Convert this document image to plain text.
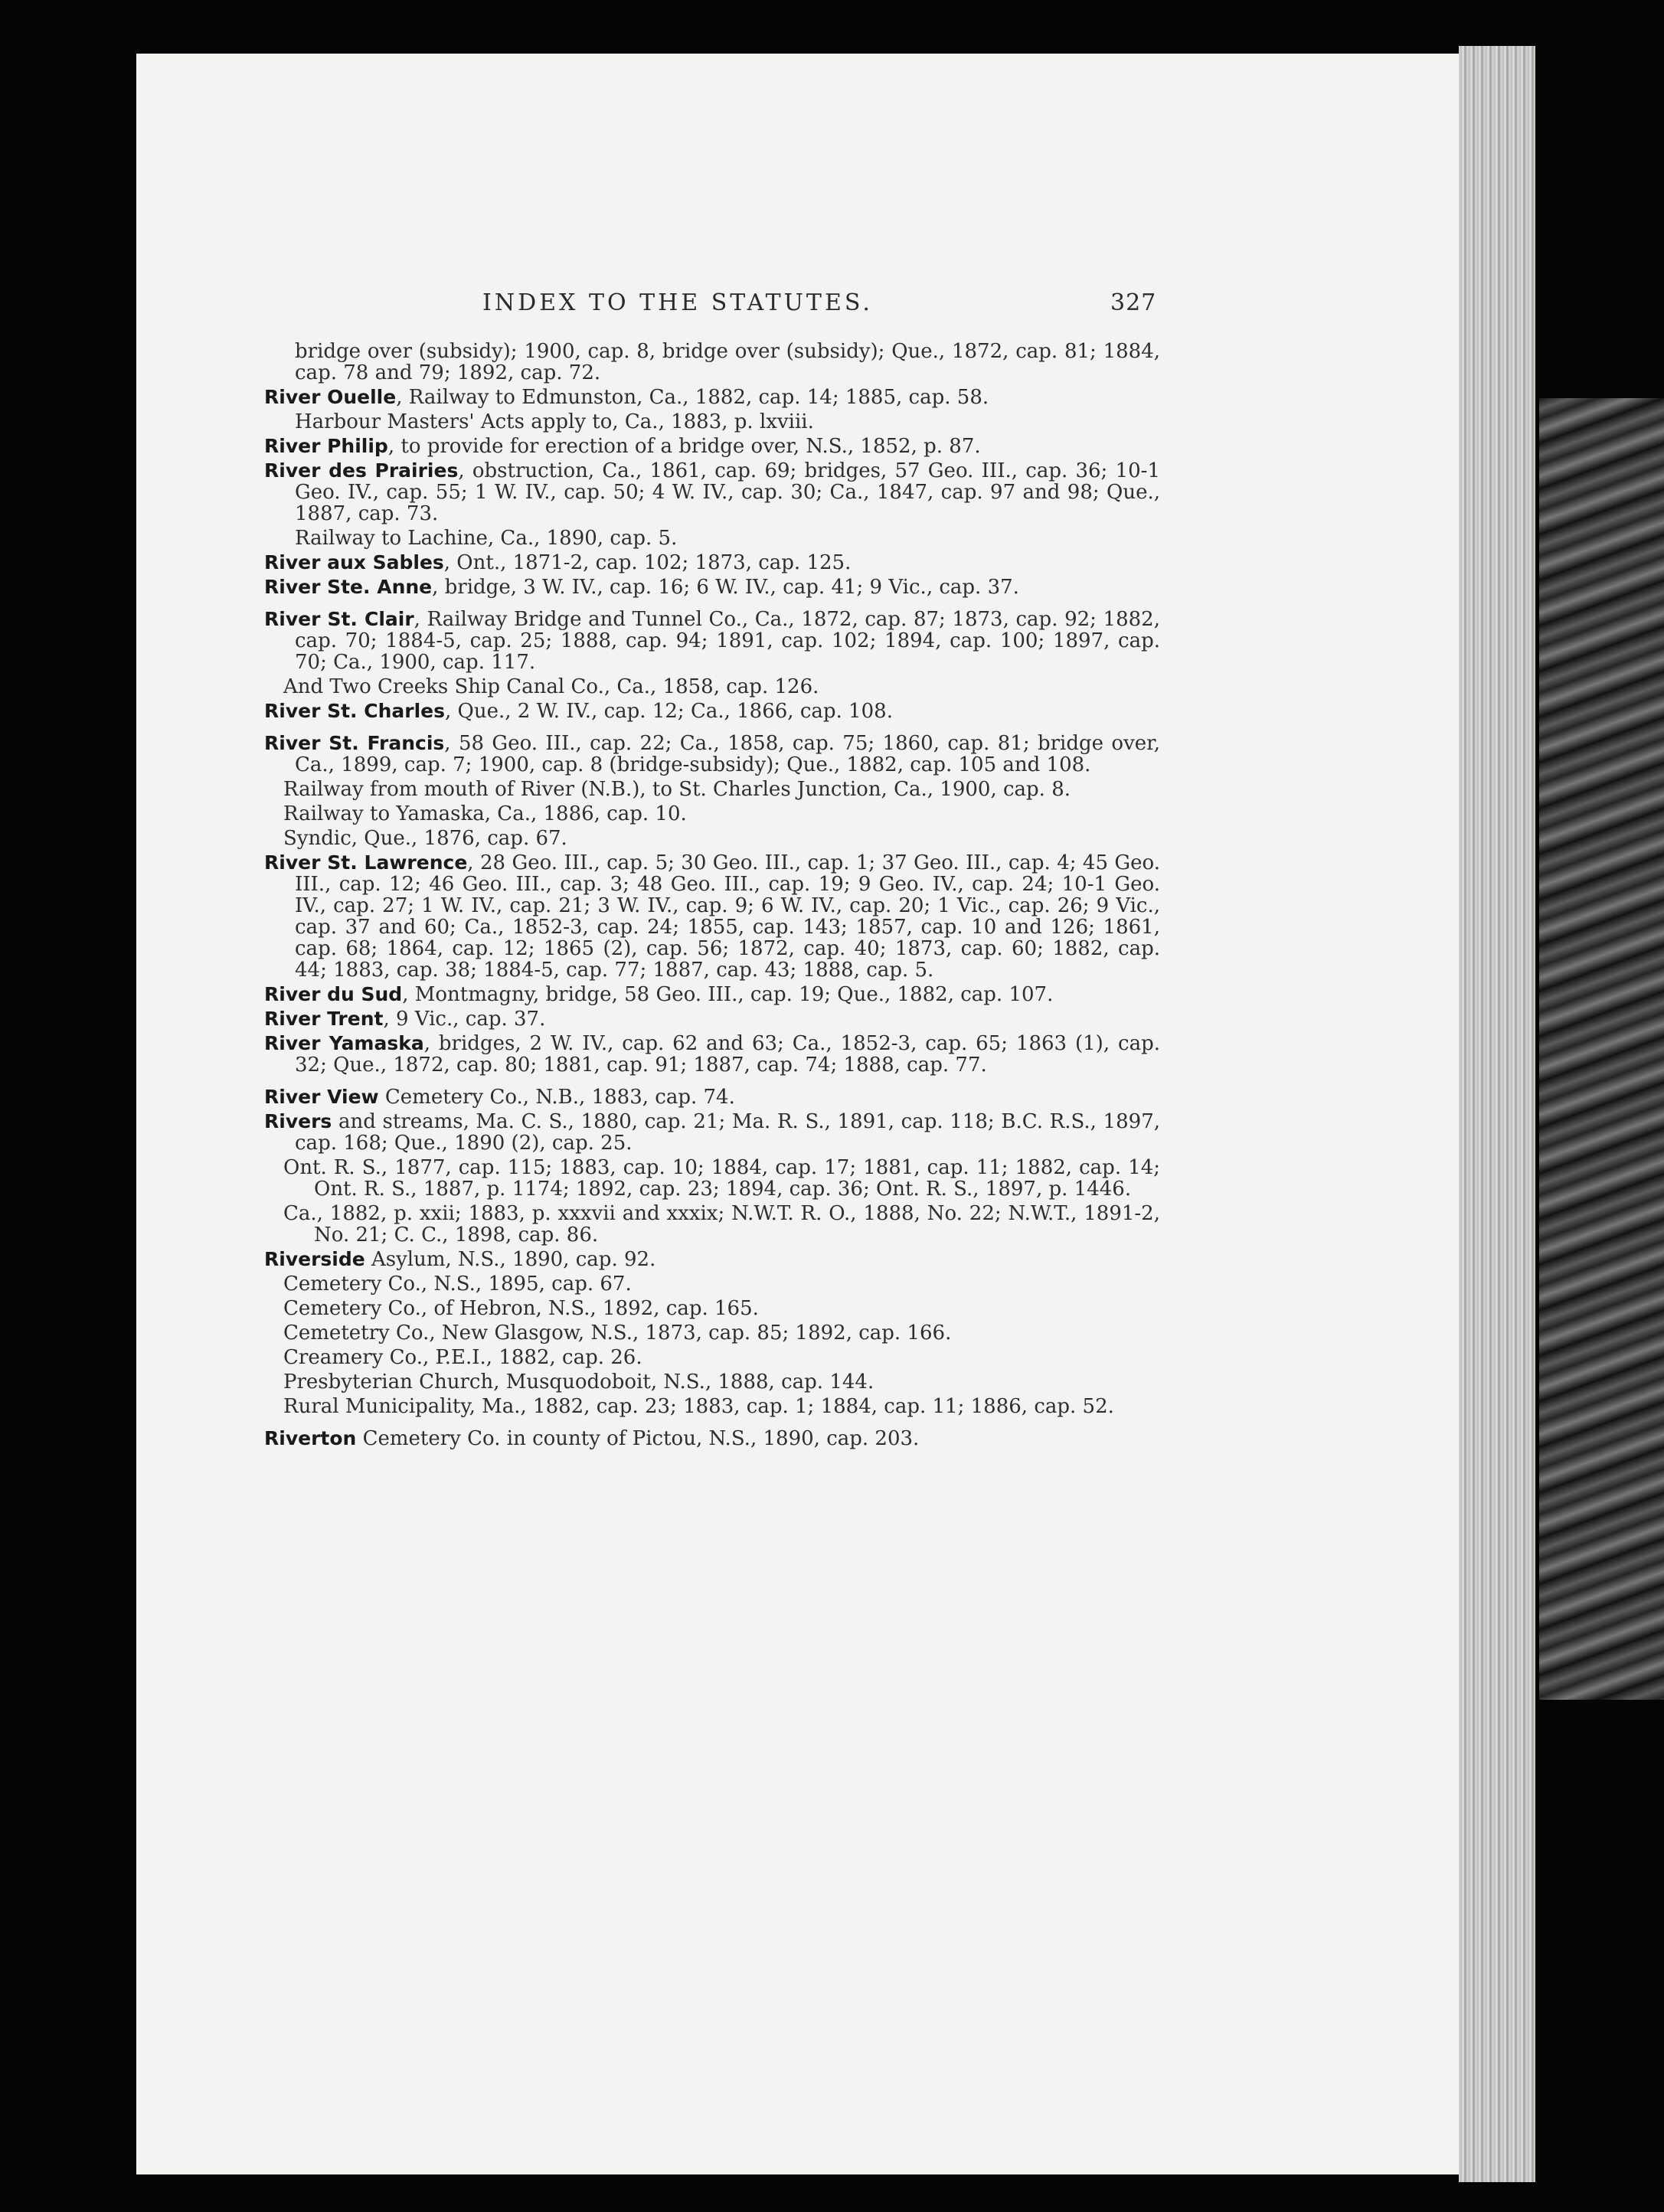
INDEX TO THE STATUTES.	327
bridge over (subsidy); 1900, cap. 8, bridge over (subsidy); Que., 1872, cap. 81; 1884, cap. 78 and 79; 1892, cap. 72.
River Ouelle, Railway to Edmunston, Ca., 1882, cap. 14; 1885, cap. 58.
Harbour Masters' Acts apply to, Ca., 1883, p. lxviii.
River Philip, to provide for erection of a bridge over, N.S., 1852, p. 87.
River des Prairies, obstruction, Ca., 1861, cap. 69; bridges, 57 Geo. III., cap. 36; 10-1 Geo. IV., cap. 55; 1 W. IV., cap. 50; 4 W. IV., cap. 30; Ca., 1847, cap. 97 and 98; Que., 1887, cap. 73.
Railway to Lachine, Ca., 1890, cap. 5.
River aux Sables, Ont., 1871-2, cap. 102; 1873, cap. 125.
River Ste. Anne, bridge, 3 W. IV., cap. 16; 6 W. IV., cap. 41; 9 Vic., cap. 37.
River St. Clair, Railway Bridge and Tunnel Co., Ca., 1872, cap. 87; 1873, cap. 92; 1882, cap. 70; 1884-5, cap. 25; 1888, cap. 94; 1891, cap. 102; 1894, cap. 100; 1897, cap. 70; Ca., 1900, cap. 117.
And Two Creeks Ship Canal Co., Ca., 1858, cap. 126.
River St. Charles, Que., 2 W. IV., cap. 12; Ca., 1866, cap. 108.
River St. Francis, 58 Geo. III., cap. 22; Ca., 1858, cap. 75; 1860, cap. 81; bridge over, Ca., 1899, cap. 7; 1900, cap. 8 (bridge-subsidy); Que., 1882, cap. 105 and 108.
Railway from mouth of River (N.B.), to St. Charles Junction, Ca., 1900, cap. 8.
Railway to Yamaska, Ca., 1886, cap. 10.
Syndic, Que., 1876, cap. 67.
River St. Lawrence, 28 Geo. III., cap. 5; 30 Geo. III., cap. 1; 37 Geo. III., cap. 4; 45 Geo. III., cap. 12; 46 Geo. III., cap. 3; 48 Geo. III., cap. 19; 9 Geo. IV., cap. 24; 10-1 Geo. IV., cap. 27; 1 W. IV., cap. 21; 3 W. IV., cap. 9; 6 W. IV., cap. 20; 1 Vic., cap. 26; 9 Vic., cap. 37 and 60; Ca., 1852-3, cap. 24; 1855, cap. 143; 1857, cap. 10 and 126; 1861, cap. 68; 1864, cap. 12; 1865 (2), cap. 56; 1872, cap. 40; 1873, cap. 60; 1882, cap. 44; 1883, cap. 38; 1884-5, cap. 77; 1887, cap. 43; 1888, cap. 5.
River du Sud, Montmagny, bridge, 58 Geo. III., cap. 19; Que., 1882, cap. 107.
River Trent, 9 Vic., cap. 37.
River Yamaska, bridges, 2 W. IV., cap. 62 and 63; Ca., 1852-3, cap. 65; 1863 (1), cap. 32; Que., 1872, cap. 80; 1881, cap. 91; 1887, cap. 74; 1888, cap. 77.
River View Cemetery Co., N.B., 1883, cap. 74.
Rivers and streams, Ma. C. S., 1880, cap. 21; Ma. R. S., 1891, cap. 118; B.C. R.S., 1897, cap. 168; Que., 1890 (2), cap. 25.
Ont. R. S., 1877, cap. 115; 1883, cap. 10; 1884, cap. 17; 1881, cap. 11; 1882, cap. 14; Ont. R. S., 1887, p. 1174; 1892, cap. 23; 1894, cap. 36; Ont. R. S., 1897, p. 1446.
Ca., 1882, p. xxii; 1883, p. xxxvii and xxxix; N.W.T. R. O., 1888, No. 22; N.W.T., 1891-2, No. 21; C. C., 1898, cap. 86.
Riverside Asylum, N.S., 1890, cap. 92.
Cemetery Co., N.S., 1895, cap. 67.
Cemetery Co., of Hebron, N.S., 1892, cap. 165.
Cemetetry Co., New Glasgow, N.S., 1873, cap. 85; 1892, cap. 166.
Creamery Co., P.E.I., 1882, cap. 26.
Presbyterian Church, Musquodoboit, N.S., 1888, cap. 144.
Rural Municipality, Ma., 1882, cap. 23; 1883, cap. 1; 1884, cap. 11; 1886, cap. 52.
Riverton Cemetery Co. in county of Pictou, N.S., 1890, cap. 203.
